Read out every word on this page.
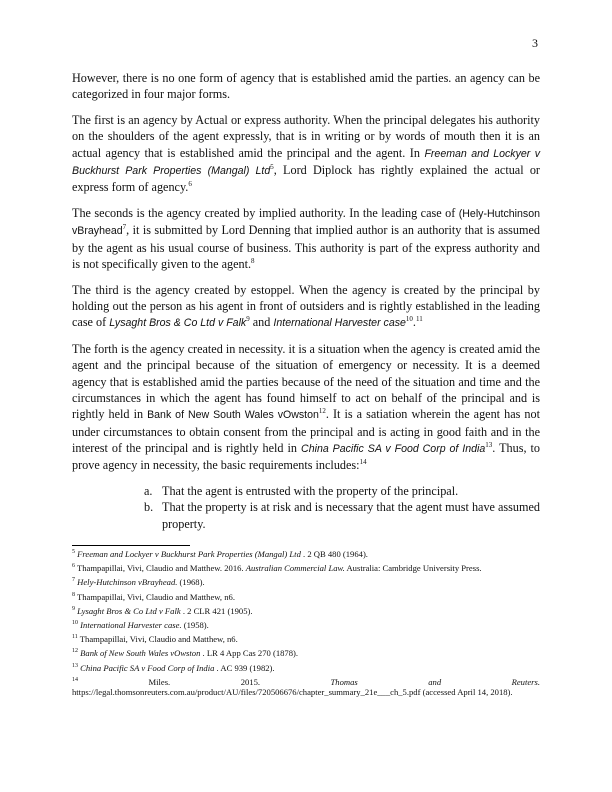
3

However, there is no one form of agency that is established amid the parties. an agency can be categorized in four major forms.

The first is an agency by Actual or express authority. When the principal delegates his authority on the shoulders of the agent expressly, that is in writing or by words of mouth then it is an actual agency that is established amid the principal and the agent. In Freeman and Lockyer v Buckhurst Park Properties (Mangal) Ltd$^5$, Lord Diplock has rightly explained the actual or express form of agency.$^6$

The seconds is the agency created by implied authority. In the leading case of (Hely-Hutchinson vBrayhead$^7$, it is submitted by Lord Denning that implied author is an authority that is assumed by the agent as his usual course of business. This authority is part of the express authority and is not specifically given to the agent.$^8$

The third is the agency created by estoppel. When the agency is created by the principal by holding out the person as his agent in front of outsiders and is rightly established in the leading case of Lysaght Bros & Co Ltd v Falk$^9$ and International Harvester case$^{10}$.$^{11}$

The forth is the agency created in necessity. it is a situation when the agency is created amid the agent and the principal because of the situation of emergency or necessity. It is a deemed agency that is established amid the parties because of the need of the situation and time and the circumstances in which the agent has found himself to act on behalf of the principal and is rightly held in Bank of New South Wales vOwston$^{12}$. It is a satiation wherein the agent has not under circumstances to obtain consent from the principal and is acting in good faith and in the interest of the principal and is rightly held in China Pacific SA v Food Corp of India$^{13}$. Thus, to prove agency in necessity, the basic requirements includes:$^{14}$

a. That the agent is entrusted with the property of the principal.
b. That the property is at risk and is necessary that the agent must have assumed property.
$^5$ Freeman and Lockyer v Buckhurst Park Properties (Mangal) Ltd . 2 QB 480 (1964).
$^6$ Thampapillai, Vivi, Claudio and Matthew. 2016. Australian Commercial Law. Australia: Cambridge University Press.
$^7$ Hely-Hutchinson vBrayhead. (1968).
$^8$ Thampapillai, Vivi, Claudio and Matthew, n6.
$^9$ Lysaght Bros & Co Ltd v Falk . 2 CLR 421 (1905).
$^{10}$ International Harvester case. (1958).
$^{11}$ Thampapillai, Vivi, Claudio and Matthew, n6.
$^{12}$ Bank of New South Wales vOwston . LR 4 App Cas 270 (1878).
$^{13}$ China Pacific SA v Food Corp of India . AC 939 (1982).
$^{14}$	Miles. 2015. Thomas and Reuters. https://legal.thomsonreuters.com.au/product/AU/files/720506676/chapter_summary_21e___ch_5.pdf (accessed April 14, 2018).
